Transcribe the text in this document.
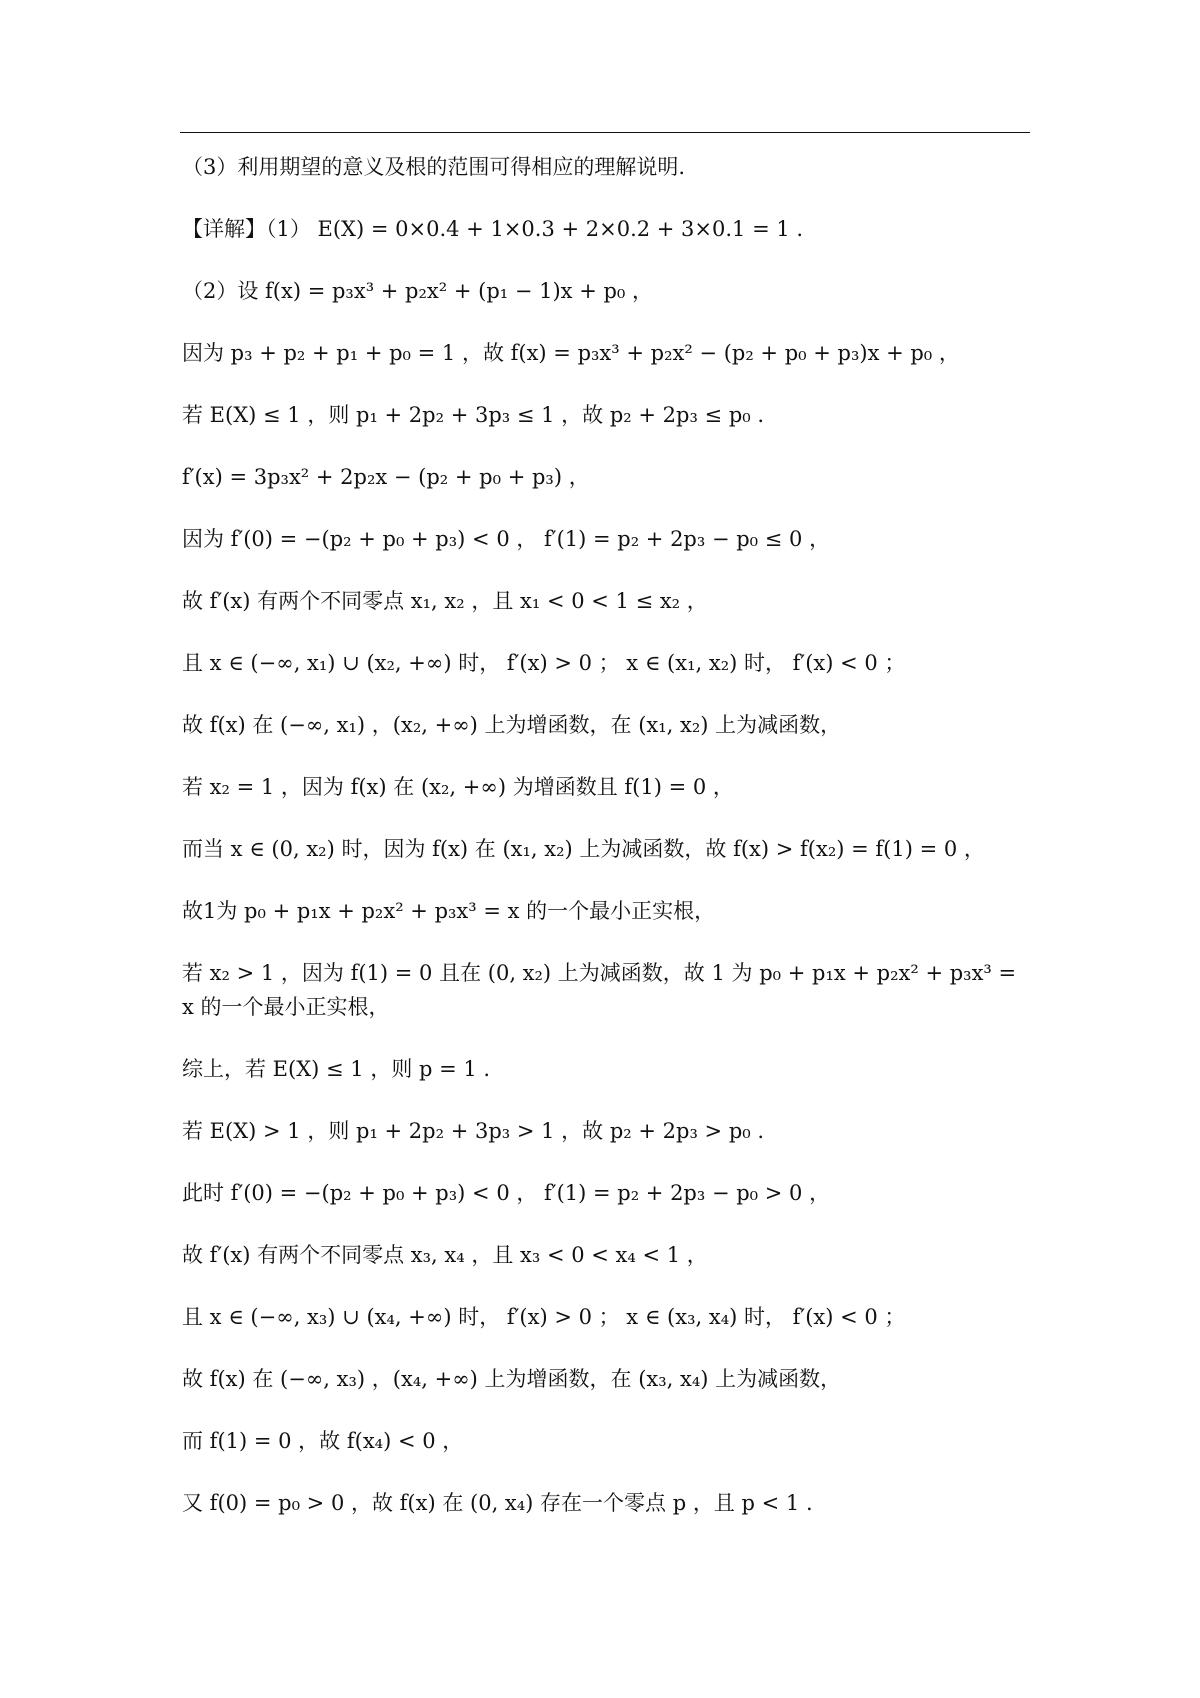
（3）利用期望的意义及根的范围可得相应的理解说明.

【详解】（1） E(X) = 0×0.4 + 1×0.3 + 2×0.2 + 3×0.1 = 1 .

（2）设 f(x) = p₃x³ + p₂x² + (p₁ − 1)x + p₀ ，

因为 p₃ + p₂ + p₁ + p₀ = 1 ，故 f(x) = p₃x³ + p₂x² − (p₂ + p₀ + p₃)x + p₀ ，

若 E(X) ≤ 1 ，则 p₁ + 2p₂ + 3p₃ ≤ 1 ，故 p₂ + 2p₃ ≤ p₀ .

f′(x) = 3p₃x² + 2p₂x − (p₂ + p₀ + p₃) ，

因为 f′(0) = −(p₂ + p₀ + p₃) < 0 ， f′(1) = p₂ + 2p₃ − p₀ ≤ 0 ，

故 f′(x) 有两个不同零点 x₁, x₂ ，且 x₁ < 0 < 1 ≤ x₂ ，

且 x ∈ (−∞, x₁) ∪ (x₂, +∞) 时， f′(x) > 0 ； x ∈ (x₁, x₂) 时， f′(x) < 0 ；

故 f(x) 在 (−∞, x₁) ，(x₂, +∞) 上为增函数，在 (x₁, x₂) 上为减函数，

若 x₂ = 1 ，因为 f(x) 在 (x₂, +∞) 为增函数且 f(1) = 0 ，

而当 x ∈ (0, x₂) 时，因为 f(x) 在 (x₁, x₂) 上为减函数，故 f(x) > f(x₂) = f(1) = 0 ，

故1为 p₀ + p₁x + p₂x² + p₃x³ = x 的一个最小正实根，

若 x₂ > 1 ，因为 f(1) = 0 且在 (0, x₂) 上为减函数，故 1 为 p₀ + p₁x + p₂x² + p₃x³ = x 的一个最小正实根，

综上，若 E(X) ≤ 1 ，则 p = 1 .

若 E(X) > 1 ，则 p₁ + 2p₂ + 3p₃ > 1 ，故 p₂ + 2p₃ > p₀ .

此时 f′(0) = −(p₂ + p₀ + p₃) < 0 ， f′(1) = p₂ + 2p₃ − p₀ > 0 ，

故 f′(x) 有两个不同零点 x₃, x₄ ，且 x₃ < 0 < x₄ < 1 ，

且 x ∈ (−∞, x₃) ∪ (x₄, +∞) 时， f′(x) > 0 ； x ∈ (x₃, x₄) 时， f′(x) < 0 ；

故 f(x) 在 (−∞, x₃) ，(x₄, +∞) 上为增函数，在 (x₃, x₄) 上为减函数，

而 f(1) = 0 ，故 f(x₄) < 0 ，

又 f(0) = p₀ > 0 ，故 f(x) 在 (0, x₄) 存在一个零点 p ，且 p < 1 .
